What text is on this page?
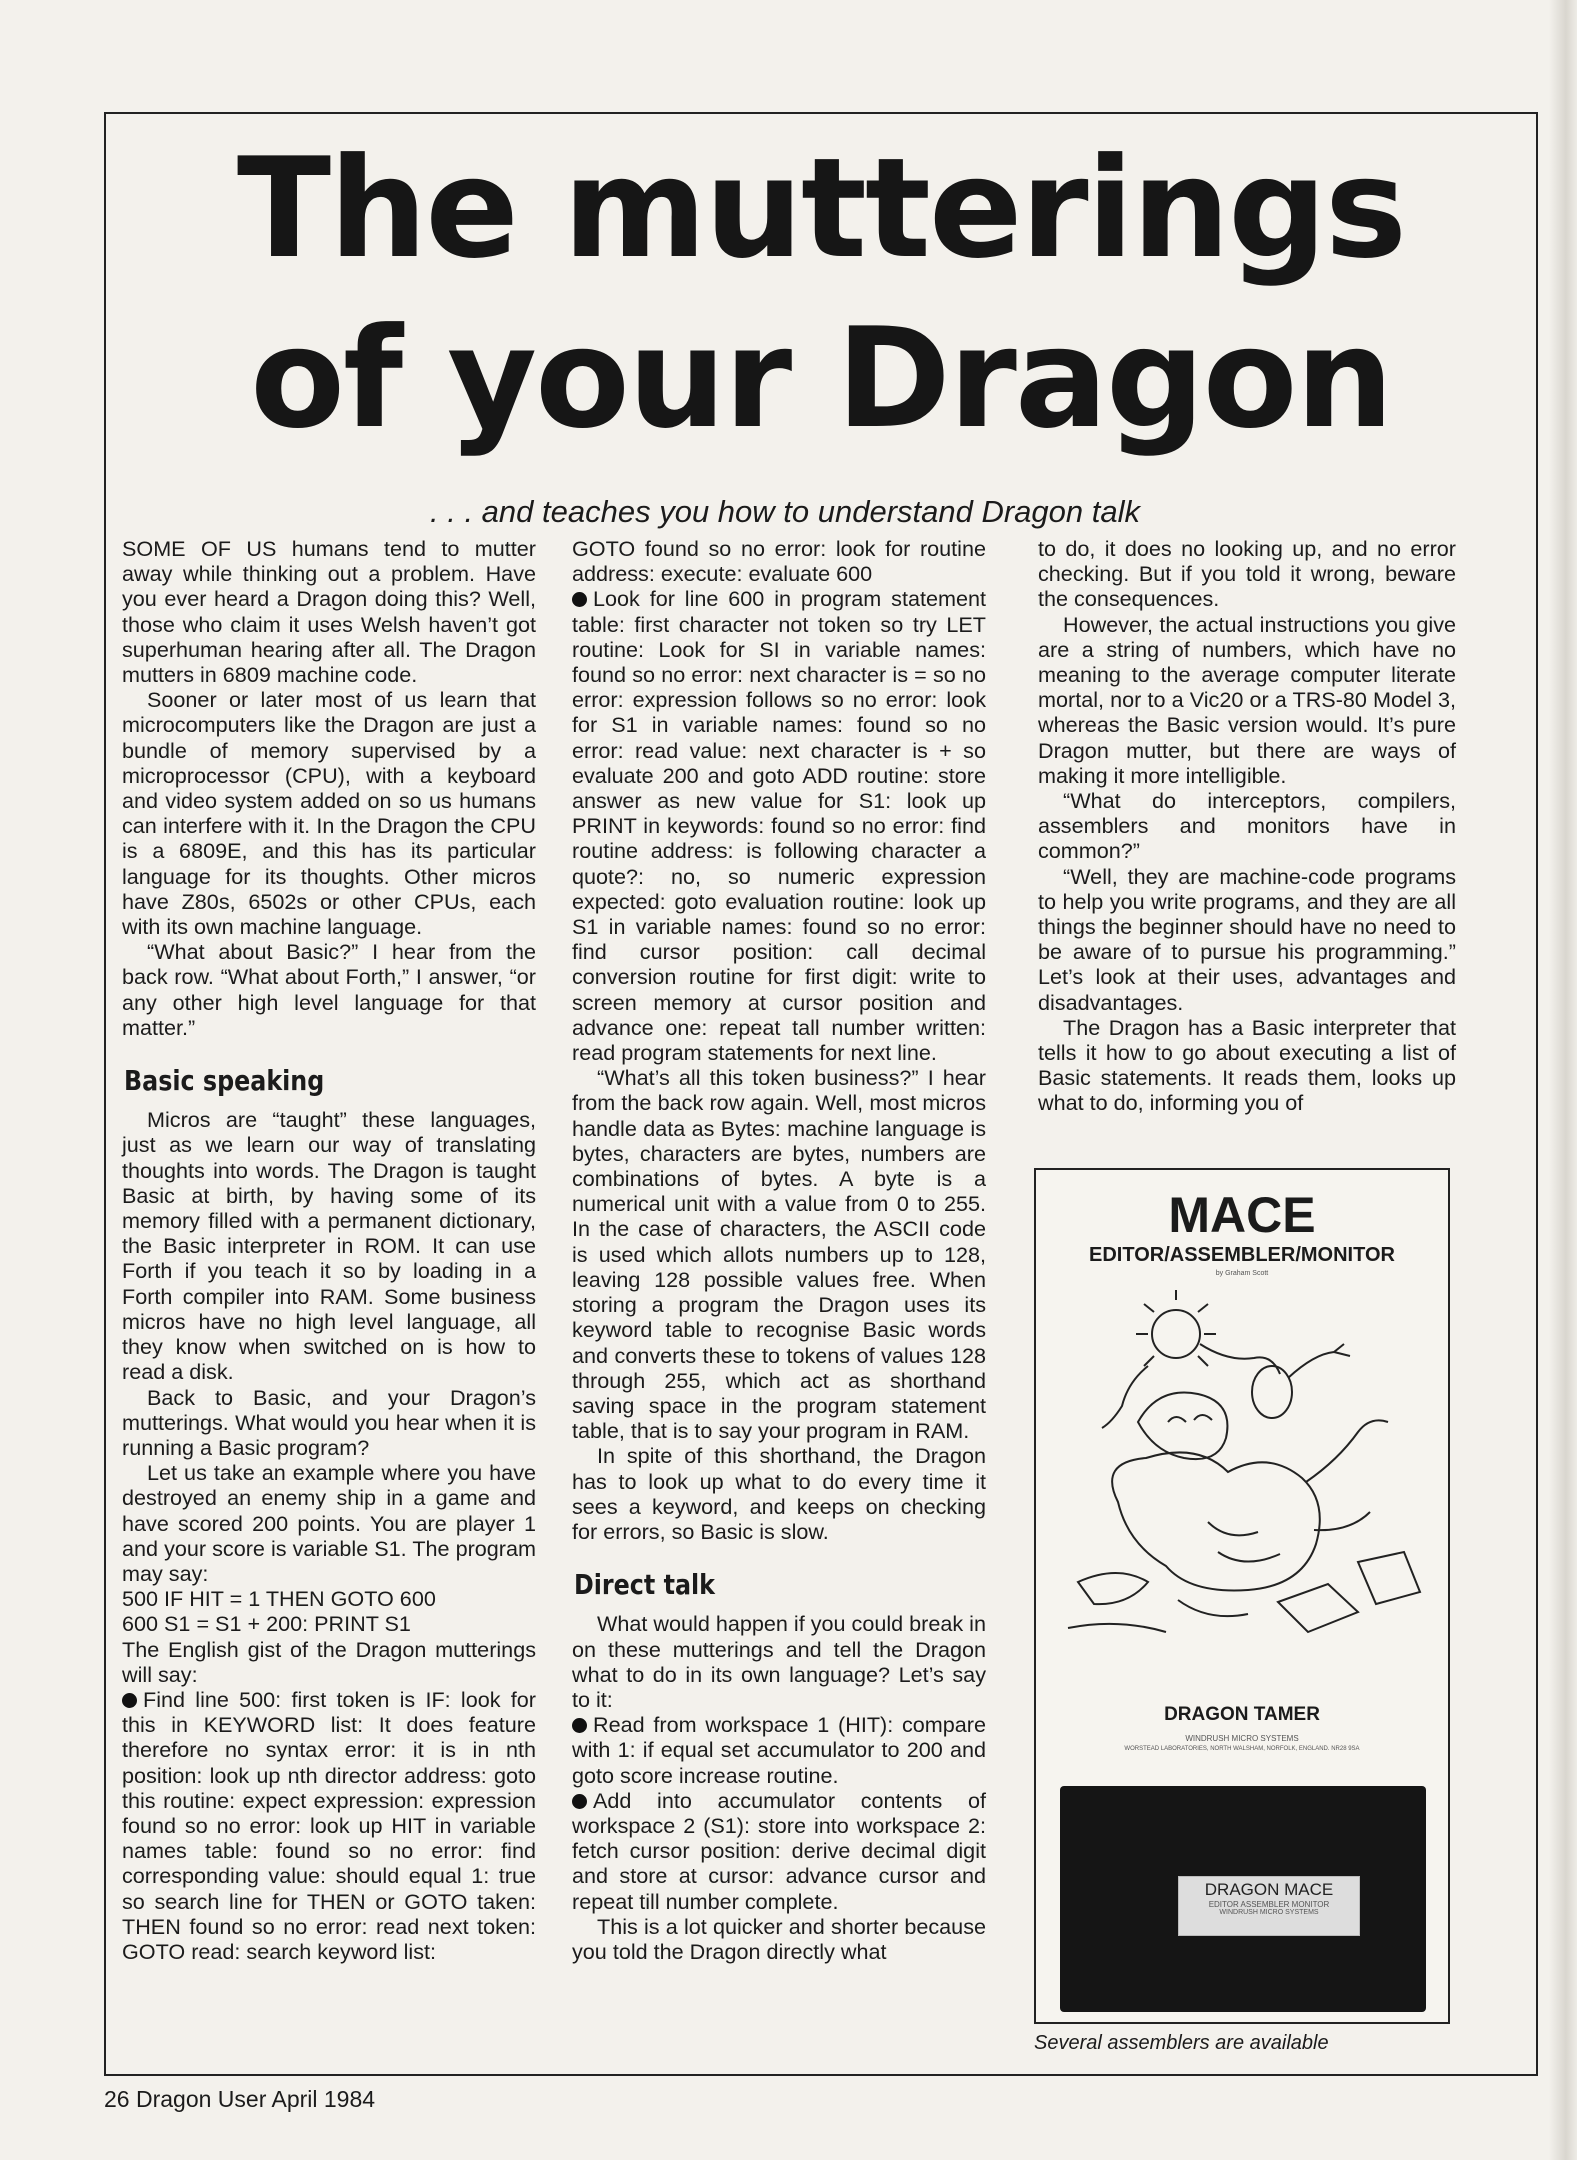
The mutterings
of your Dragon
. . . and teaches you how to understand Dragon talk

SOME OF US humans tend to mutter away while thinking out a problem. Have you ever heard a Dragon doing this? Well, those who claim it uses Welsh haven’t got superhuman hearing after all. The Dragon mutters in 6809 machine code.

Sooner or later most of us learn that microcomputers like the Dragon are just a bundle of memory supervised by a microprocessor (CPU), with a keyboard and video system added on so us humans can interfere with it. In the Dragon the CPU is a 6809E, and this has its particular language for its thoughts. Other micros have Z80s, 6502s or other CPUs, each with its own machine language.

“What about Basic?” I hear from the back row. “What about Forth,” I answer, “or any other high level language for that matter.”

Basic speaking

Micros are “taught” these languages, just as we learn our way of translating thoughts into words. The Dragon is taught Basic at birth, by having some of its memory filled with a permanent dictionary, the Basic interpreter in ROM. It can use Forth if you teach it so by loading in a Forth compiler into RAM. Some business micros have no high level language, all they know when switched on is how to read a disk.

Back to Basic, and your Dragon’s mutterings. What would you hear when it is running a Basic program?

Let us take an example where you have destroyed an enemy ship in a game and have scored 200 points. You are player 1 and your score is variable S1. The program may say:

500 IF HIT = 1 THEN GOTO 600

600 S1 = S1 + 200: PRINT S1

The English gist of the Dragon mutterings will say:

Find line 500: first token is IF: look for this in KEYWORD list: It does feature therefore no syntax error: it is in nth position: look up nth director address: goto this routine: expect expression: expression found so no error: look up HIT in variable names table: found so no error: find corresponding value: should equal 1: true so search line for THEN or GOTO taken: THEN found so no error: read next token: GOTO read: search keyword list:

GOTO found so no error: look for routine address: execute: evaluate 600

Look for line 600 in program statement table: first character not token so try LET routine: Look for SI in variable names: found so no error: next character is = so no error: expression follows so no error: look for S1 in variable names: found so no error: read value: next character is + so evaluate 200 and goto ADD routine: store answer as new value for S1: look up PRINT in keywords: found so no error: find routine address: is following character a quote?: no, so numeric expression expected: goto evaluation routine: look up S1 in variable names: found so no error: find cursor position: call decimal conversion routine for first digit: write to screen memory at cursor position and advance one: repeat tall number written: read program statements for next line.

“What’s all this token business?” I hear from the back row again. Well, most micros handle data as Bytes: machine language is bytes, characters are bytes, numbers are combinations of bytes. A byte is a numerical unit with a value from 0 to 255. In the case of characters, the ASCII code is used which allots numbers up to 128, leaving 128 possible values free. When storing a program the Dragon uses its keyword table to recognise Basic words and converts these to tokens of values 128 through 255, which act as shorthand saving space in the program statement table, that is to say your program in RAM.

In spite of this shorthand, the Dragon has to look up what to do every time it sees a keyword, and keeps on checking for errors, so Basic is slow.

Direct talk

What would happen if you could break in on these mutterings and tell the Dragon what to do in its own language? Let’s say to it:

Read from workspace 1 (HIT): compare with 1: if equal set accumulator to 200 and goto score increase routine.

Add into accumulator contents of workspace 2 (S1): store into workspace 2: fetch cursor position: derive decimal digit and store at cursor: advance cursor and repeat till number complete.

This is a lot quicker and shorter because you told the Dragon directly what

to do, it does no looking up, and no error checking. But if you told it wrong, beware the consequences.

However, the actual instructions you give are a string of numbers, which have no meaning to the average computer literate mortal, nor to a Vic20 or a TRS-80 Model 3, whereas the Basic version would. It’s pure Dragon mutter, but there are ways of making it more intelligible.

“What do interceptors, compilers, assemblers and monitors have in common?”

“Well, they are machine-code programs to help you write programs, and they are all things the beginner should have no need to be aware of to pursue his programming.” Let’s look at their uses, advantages and disadvantages.

The Dragon has a Basic interpreter that tells it how to go about executing a list of Basic statements. It reads them, looks up what to do, informing you of

MACE
EDITOR/ASSEMBLER/MONITOR
by Graham Scott
DRAGON TAMER
WINDRUSH MICRO SYSTEMS
WORSTEAD LABORATORIES, NORTH WALSHAM, NORFOLK, ENGLAND. NR28 9SA
DRAGON MACE
EDITOR ASSEMBLER MONITOR
WINDRUSH MICRO SYSTEMS
Several assemblers are available
26 Dragon User April 1984
